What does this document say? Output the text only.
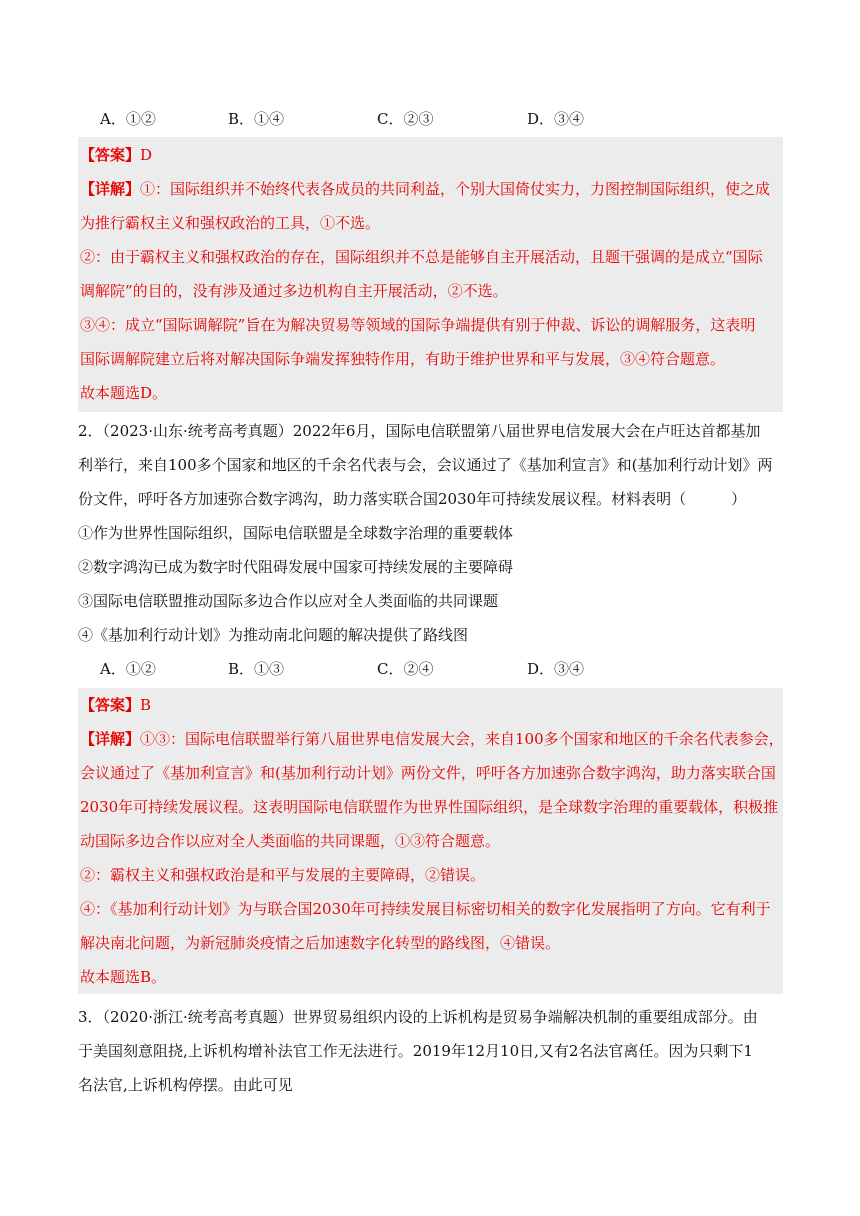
A．①②	B．①④	C．②③	D．③④
【答案】D
【详解】①：国际组织并不始终代表各成员的共同利益，个别大国倚仗实力，力图控制国际组织，使之成
为推行霸权主义和强权政治的工具，①不选。
②：由于霸权主义和强权政治的存在，国际组织并不总是能够自主开展活动，且题干强调的是成立“国际
调解院”的目的，没有涉及通过多边机构自主开展活动，②不选。
③④：成立“国际调解院”旨在为解决贸易等领域的国际争端提供有别于仲裁、诉讼的调解服务，这表明
国际调解院建立后将对解决国际争端发挥独特作用，有助于维护世界和平与发展，③④符合题意。
故本题选D。
2．（2023·山东·统考高考真题）2022年6月，国际电信联盟第八届世界电信发展大会在卢旺达首都基加
利举行，来自100多个国家和地区的千余名代表与会，会议通过了《基加利宣言》和(基加利行动计划》两
份文件，呼吁各方加速弥合数字鸿沟，助力落实联合国2030年可持续发展议程。材料表明（　　　）
①作为世界性国际组织，国际电信联盟是全球数字治理的重要载体
②数字鸿沟已成为数字时代阻碍发展中国家可持续发展的主要障碍
③国际电信联盟推动国际多边合作以应对全人类面临的共同课题
④《基加利行动计划》为推动南北问题的解决提供了路线图
A．①②	B．①③	C．②④	D．③④
【答案】B
【详解】①③：国际电信联盟举行第八届世界电信发展大会，来自100多个国家和地区的千余名代表参会，
会议通过了《基加利宣言》和(基加利行动计划》两份文件，呼吁各方加速弥合数字鸿沟，助力落实联合国
2030年可持续发展议程。这表明国际电信联盟作为世界性国际组织，是全球数字治理的重要载体，积极推
动国际多边合作以应对全人类面临的共同课题，①③符合题意。
②：霸权主义和强权政治是和平与发展的主要障碍，②错误。
④：《基加利行动计划》为与联合国2030年可持续发展目标密切相关的数字化发展指明了方向。它有利于
解决南北问题，为新冠肺炎疫情之后加速数字化转型的路线图，④错误。
故本题选B。
3．（2020·浙江·统考高考真题）世界贸易组织内设的上诉机构是贸易争端解决机制的重要组成部分。由
于美国刻意阻挠,上诉机构增补法官工作无法进行。2019年12月10日,又有2名法官离任。因为只剩下1
名法官,上诉机构停摆。由此可见
